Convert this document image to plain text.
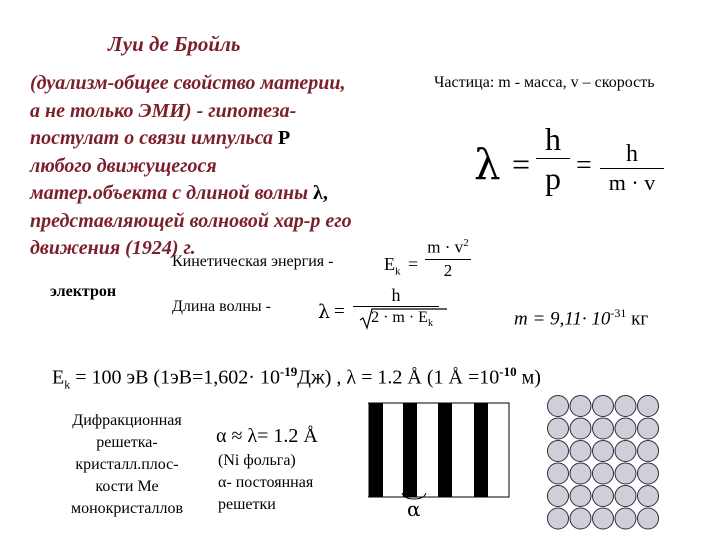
Луи де Бройль
(дуализм-общее свойство материи,
а не только ЭМИ) - гипотеза-
постулат о связи импульса P
любого движущегося
матер.объекта с длиной волны λ,
представляющей волновой хар-р его
движения (1924) г.
Частица: m - масса, v – скорость
λ =
h
p = h
m · v
Кинетическая энергия -	$E_k$ =
$m \cdot v^2$
2
электрон
Длина волны - λ =
h
$2 \cdot m \cdot E_k$	$m = 9,11\cdot 10^{-31}$ кг
$E_k = 100$ эВ $(1эВ=1,602\cdot 10^{-19}Дж)$ , λ = 1.2 Å (1 Å $=10^{-10}$ м)
Дифракционная
решетка-
кристалл.плос-
кости Ме
монокристаллов
α ≈ λ= 1.2 Å
(Ni фольга)
α- постоянная
решетки	α
